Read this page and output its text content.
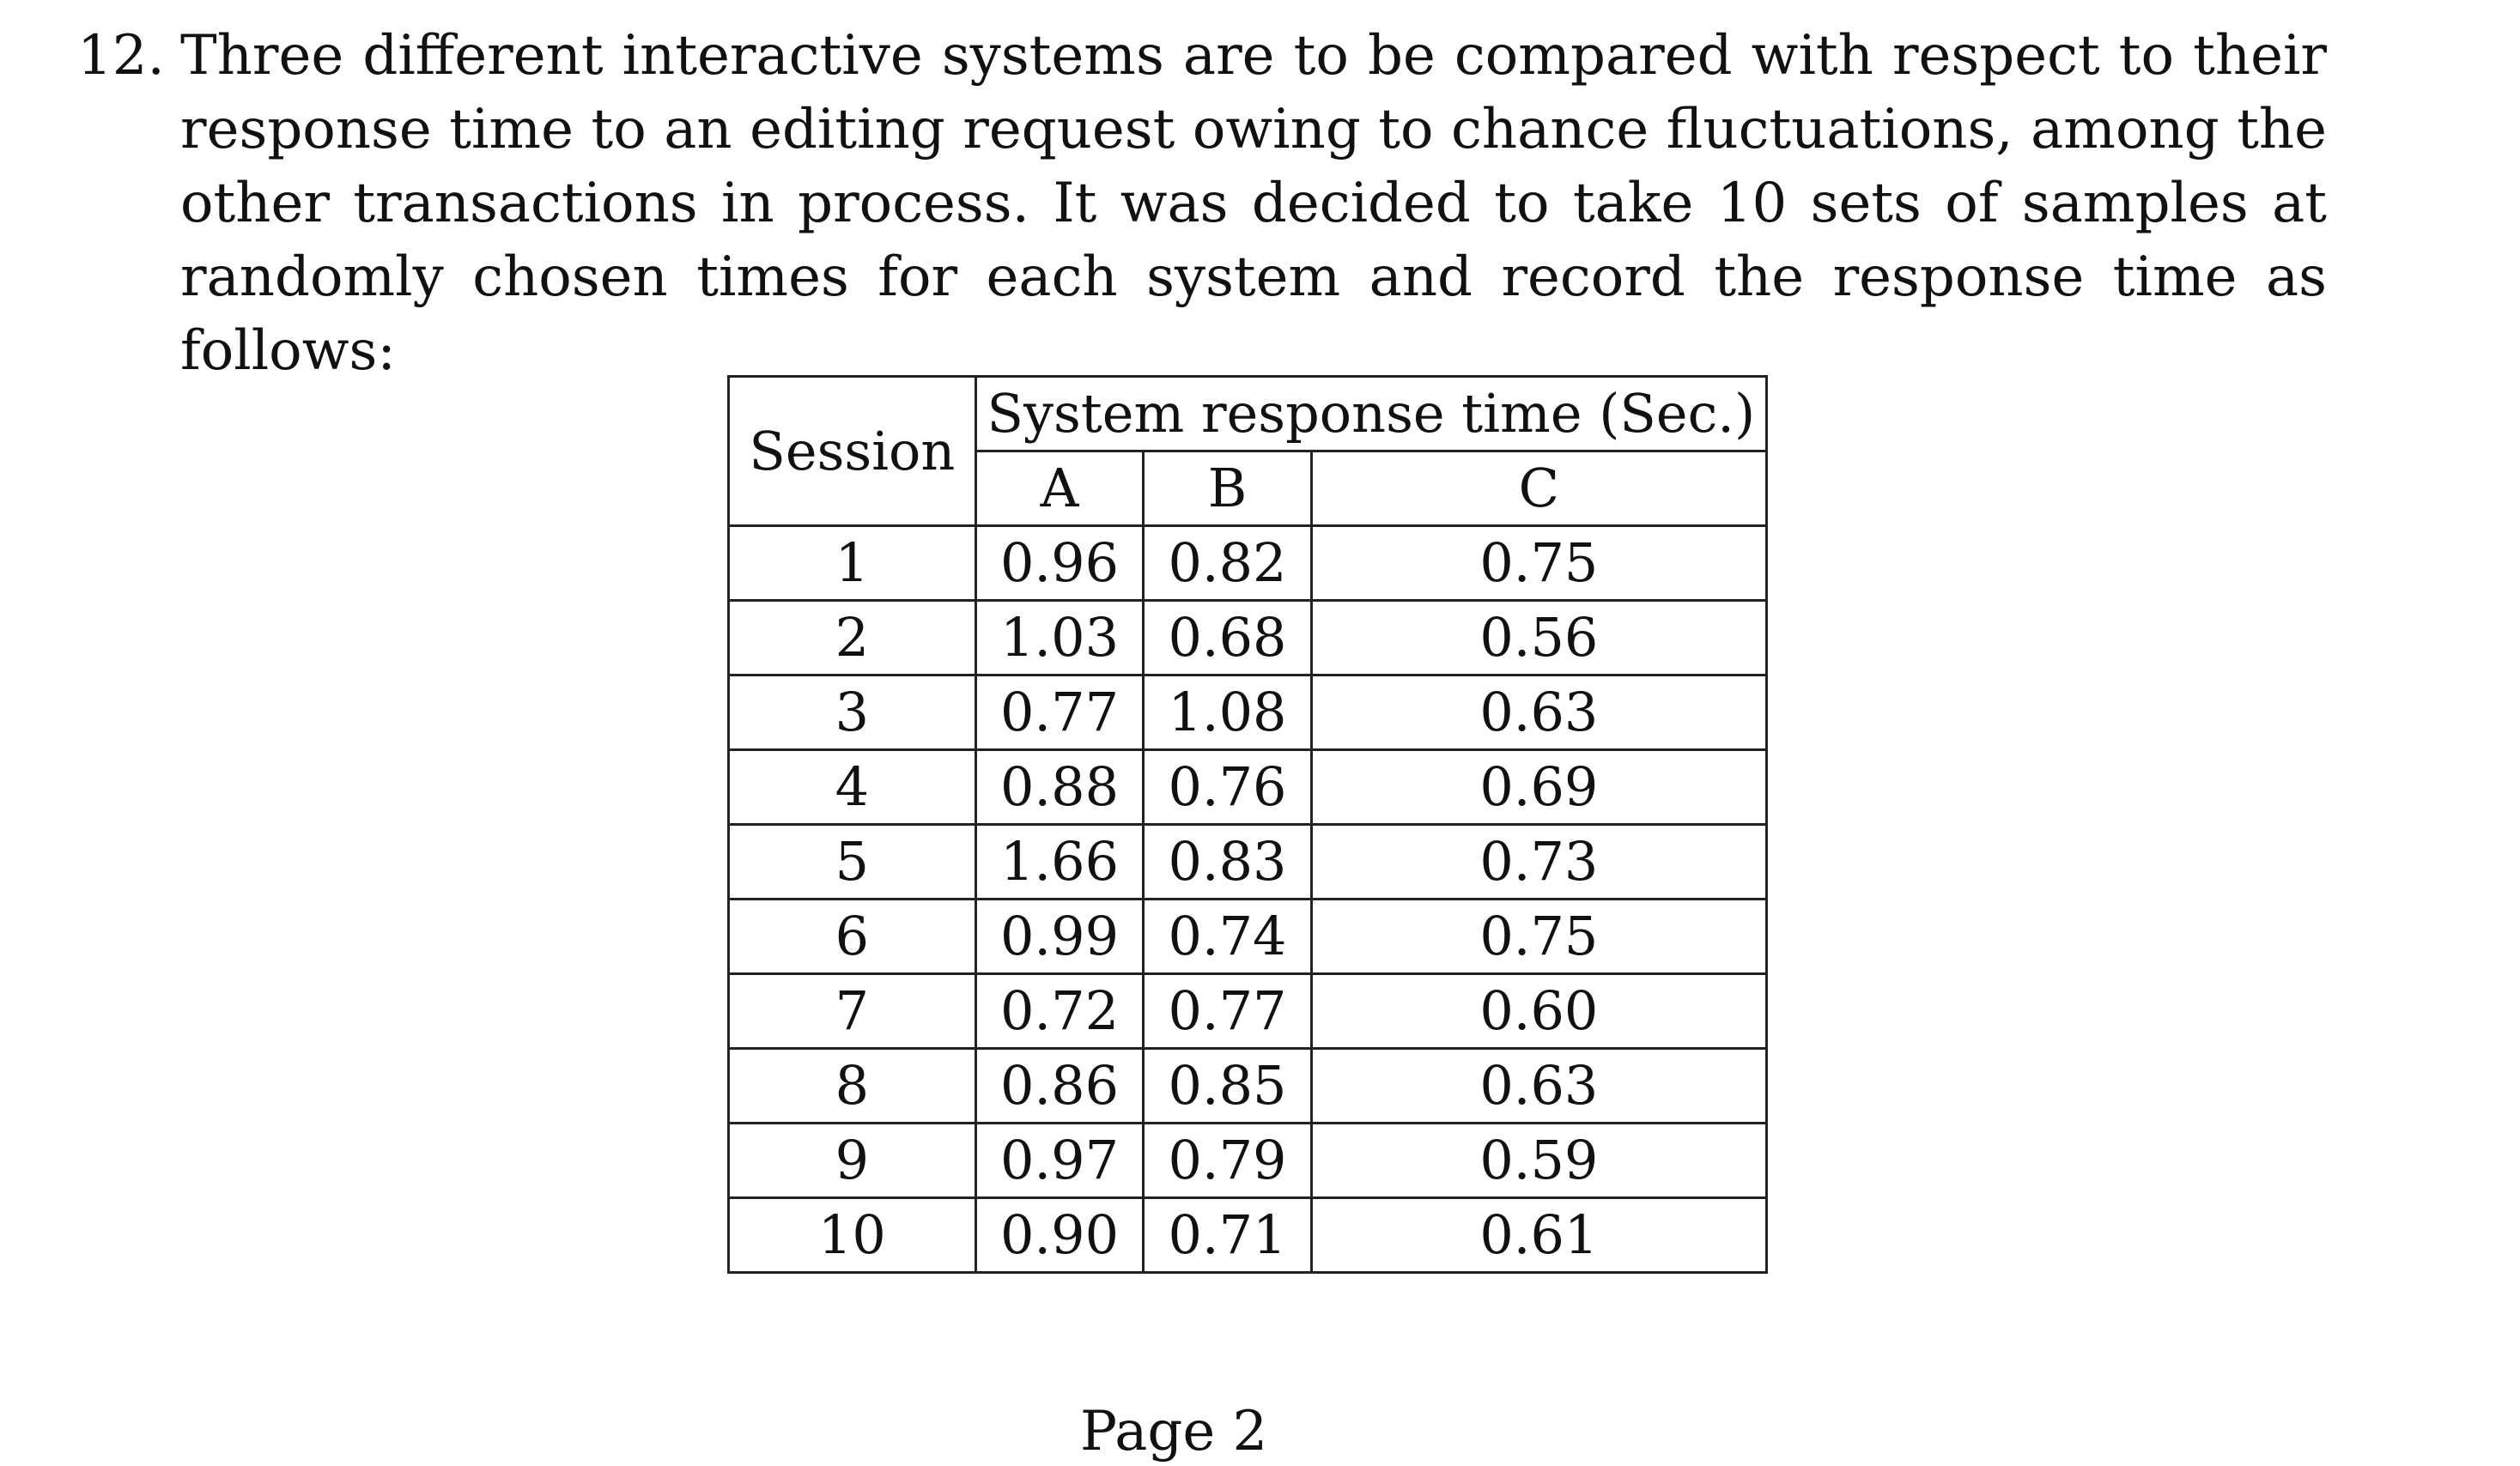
12. Three different interactive systems are to be compared with respect to their response time to an editing request owing to chance fluctuations, among the other transactions in process. It was decided to take 10 sets of samples at randomly chosen times for each system and record the response time as follows:
Session	System response time (Sec.)		
	A	B	C
1	0.96	0.82	0.75
2	1.03	0.68	0.56
3	0.77	1.08	0.63
4	0.88	0.76	0.69
5	1.66	0.83	0.73
6	0.99	0.74	0.75
7	0.72	0.77	0.60
8	0.86	0.85	0.63
9	0.97	0.79	0.59
10	0.90	0.71	0.61
Page 2
